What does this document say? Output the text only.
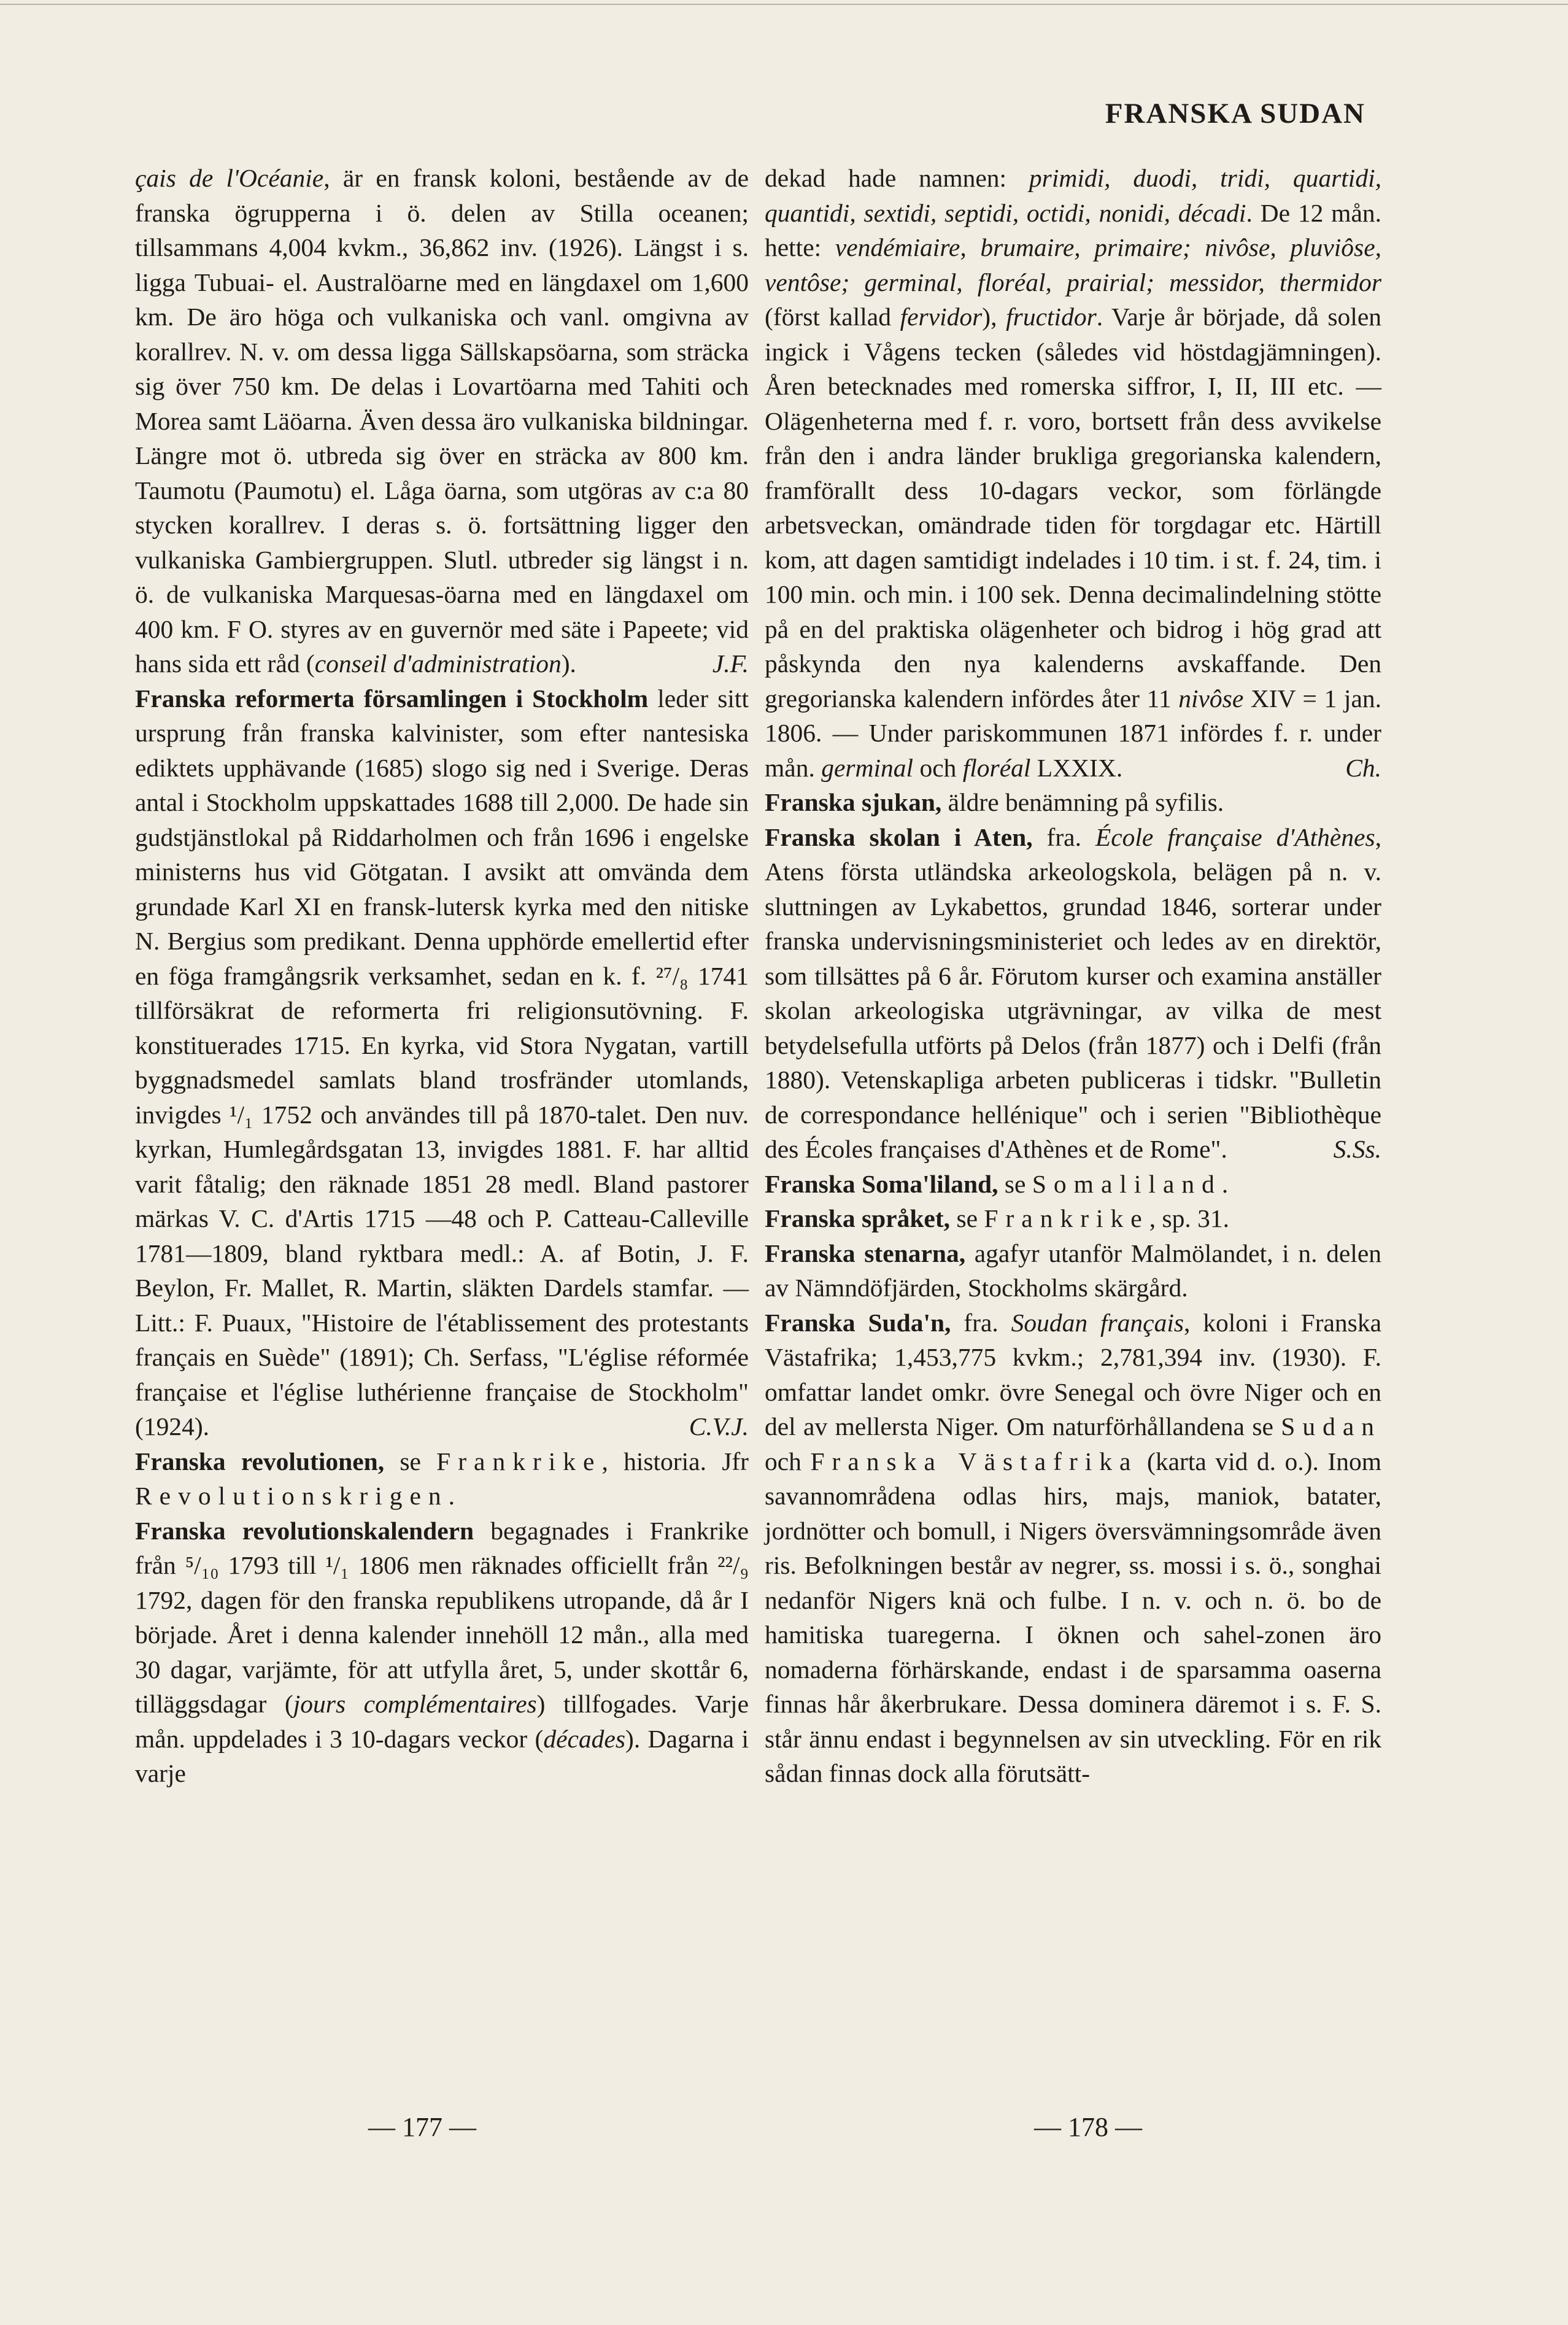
FRANSKA SUDAN

çais de l'Océanie, är en fransk koloni, bestående av de franska ögrupperna i ö. delen av Stilla oceanen; tillsammans 4,004 kvkm., 36,862 inv. (1926). Längst i s. ligga Tubuai- el. Australöarne med en längdaxel om 1,600 km. De äro höga och vulkaniska och vanl. omgivna av korallrev. N. v. om dessa ligga Sällskapsöarna, som sträcka sig över 750 km. De delas i Lovartöarna med Tahiti och Morea samt Läöarna. Även dessa äro vulkaniska bildningar. Längre mot ö. utbreda sig över en sträcka av 800 km. Taumotu (Paumotu) el. Låga öarna, som utgöras av c:a 80 stycken korallrev. I deras s. ö. fortsättning ligger den vulkaniska Gambiergruppen. Slutl. utbreder sig längst i n. ö. de vulkaniska Marquesas-öarna med en längdaxel om 400 km. F O. styres av en guvernör med säte i Papeete; vid hans sida ett råd (conseil d'administration).	J.F.

Franska reformerta församlingen i Stockholm leder sitt ursprung från franska kalvinister, som efter nantesiska ediktets upphävande (1685) slogo sig ned i Sverige. Deras antal i Stockholm uppskattades 1688 till 2,000. De hade sin gudstjänstlokal på Riddarholmen och från 1696 i engelske ministerns hus vid Götgatan. I avsikt att omvända dem grundade Karl XI en fransk-lutersk kyrka med den nitiske N. Bergius som predikant. Denna upphörde emellertid efter en föga framgångsrik verksamhet, sedan en k. f. ²⁷/₈ 1741 tillförsäkrat de reformerta fri religionsutövning. F. konstituerades 1715. En kyrka, vid Stora Nygatan, vartill byggnadsmedel samlats bland trosfränder utomlands, invigdes ¹/₁ 1752 och användes till på 1870-talet. Den nuv. kyrkan, Humlegårdsgatan 13, invigdes 1881. F. har alltid varit fåtalig; den räknade 1851 28 medl. Bland pastorer märkas V. C. d'Artis 1715 —48 och P. Catteau-Calleville 1781—1809, bland ryktbara medl.: A. af Botin, J. F. Beylon, Fr. Mallet, R. Martin, släkten Dardels stamfar. — Litt.: F. Puaux, "Histoire de l'établissement des protestants français en Suède" (1891); Ch. Serfass, "L'église réformée française et l'église luthérienne française de Stockholm" (1924).	C.V.J.

Franska revolutionen, se Frankrike, historia. Jfr Revolutionskrigen.

Franska revolutionskalendern begagnades i Frankrike från ⁵/₁₀ 1793 till ¹/₁ 1806 men räknades officiellt från ²²/₉ 1792, dagen för den franska republikens utropande, då år I började. Året i denna kalender innehöll 12 mån., alla med 30 dagar, varjämte, för att utfylla året, 5, under skottår 6, tilläggsdagar (jours complémentaires) tillfogades. Varje mån. uppdelades i 3 10-dagars veckor (décades). Dagarna i varje

dekad hade namnen: primidi, duodi, tridi, quartidi, quantidi, sextidi, septidi, octidi, nonidi, décadi. De 12 mån. hette: vendémiaire, brumaire, primaire; nivôse, pluviôse, ventôse; germinal, floréal, prairial; messidor, thermidor (först kallad fervidor), fructidor. Varje år började, då solen ingick i Vågens tecken (således vid höstdagjämningen). Åren betecknades med romerska siffror, I, II, III etc. — Olägenheterna med f. r. voro, bortsett från dess avvikelse från den i andra länder brukliga gregorianska kalendern, framförallt dess 10-dagars veckor, som förlängde arbetsveckan, omändrade tiden för torgdagar etc. Härtill kom, att dagen samtidigt indelades i 10 tim. i st. f. 24, tim. i 100 min. och min. i 100 sek. Denna decimalindelning stötte på en del praktiska olägenheter och bidrog i hög grad att påskynda den nya kalenderns avskaffande. Den gregorianska kalendern infördes åter 11 nivôse XIV = 1 jan. 1806. — Under pariskommunen 1871 infördes f. r. under mån. germinal och floréal LXXIX.	Ch.

Franska sjukan, äldre benämning på syfilis.

Franska skolan i Aten, fra. École française d'Athènes, Atens första utländska arkeologskola, belägen på n. v. sluttningen av Lykabettos, grundad 1846, sorterar under franska undervisningsministeriet och ledes av en direktör, som tillsättes på 6 år. Förutom kurser och examina anställer skolan arkeologiska utgrävningar, av vilka de mest betydelsefulla utförts på Delos (från 1877) och i Delfi (från 1880). Vetenskapliga arbeten publiceras i tidskr. "Bulletin de correspondance hellénique" och i serien "Bibliothèque des Écoles françaises d'Athènes et de Rome".	S.Ss.

Franska Soma'liland, se Somaliland.

Franska språket, se Frankrike, sp. 31.

Franska stenarna, agafyr utanför Malmölandet, i n. delen av Nämndöfjärden, Stockholms skärgård.

Franska Suda'n, fra. Soudan français, koloni i Franska Västafrika; 1,453,775 kvkm.; 2,781,394 inv. (1930). F. omfattar landet omkr. övre Senegal och övre Niger och en del av mellersta Niger. Om naturförhållandena se Sudan och Franska Västafrika (karta vid d. o.). Inom savannområdena odlas hirs, majs, maniok, batater, jordnötter och bomull, i Nigers översvämningsområde även ris. Befolkningen består av negrer, ss. mossi i s. ö., songhai nedanför Nigers knä och fulbe. I n. v. och n. ö. bo de hamitiska tuaregerna. I öknen och sahel-zonen äro nomaderna förhärskande, endast i de sparsamma oaserna finnas hår åkerbrukare. Dessa dominera däremot i s. F. S. står ännu endast i begynnelsen av sin utveckling. För en rik sådan finnas dock alla förutsätt-

— 177 —	— 178 —
